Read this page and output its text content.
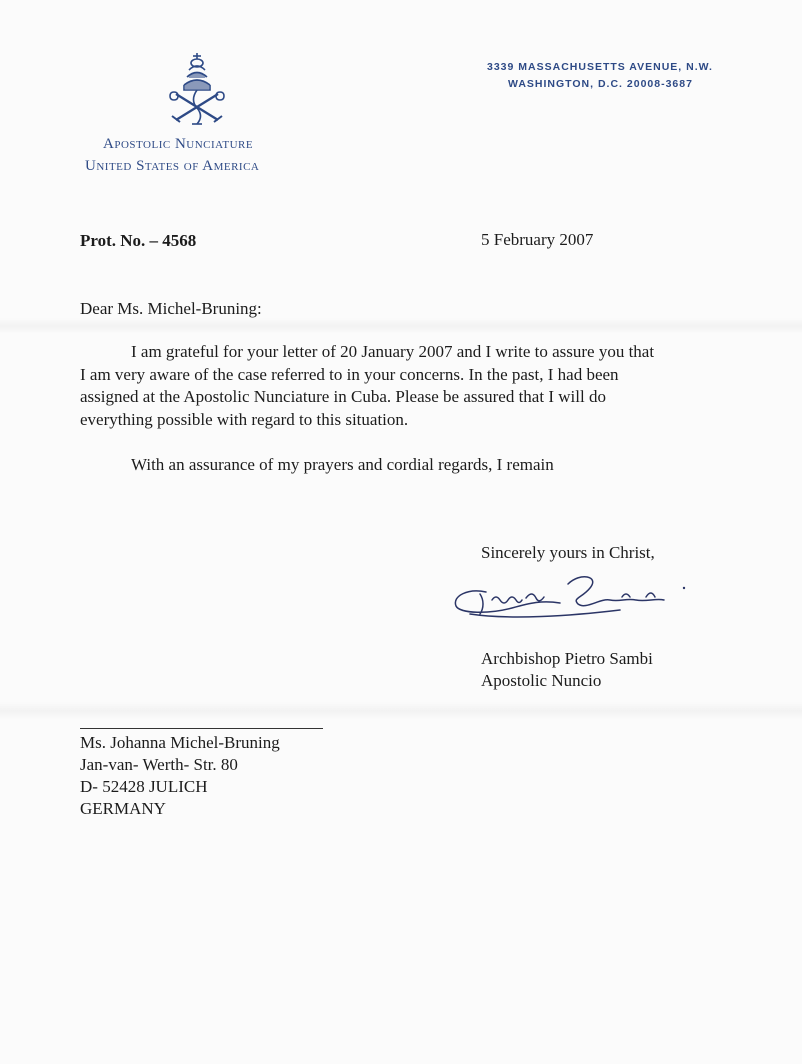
Apostolic Nunciature
United States of America
3339 MASSACHUSETTS AVENUE, N.W.
WASHINGTON, D.C. 20008-3687
Prot. No. – 4568	5 February 2007
Dear Ms. Michel-Bruning:
I am grateful for your letter of 20 January 2007 and I write to assure you that
I am very aware of the case referred to in your concerns. In the past, I had been
assigned at the Apostolic Nunciature in Cuba. Please be assured that I will do
everything possible with regard to this situation.
With an assurance of my prayers and cordial regards, I remain
Sincerely yours in Christ,
Archbishop Pietro Sambi
Apostolic Nuncio
Ms. Johanna Michel-Bruning
Jan-van- Werth- Str. 80
D- 52428 JULICH
GERMANY
